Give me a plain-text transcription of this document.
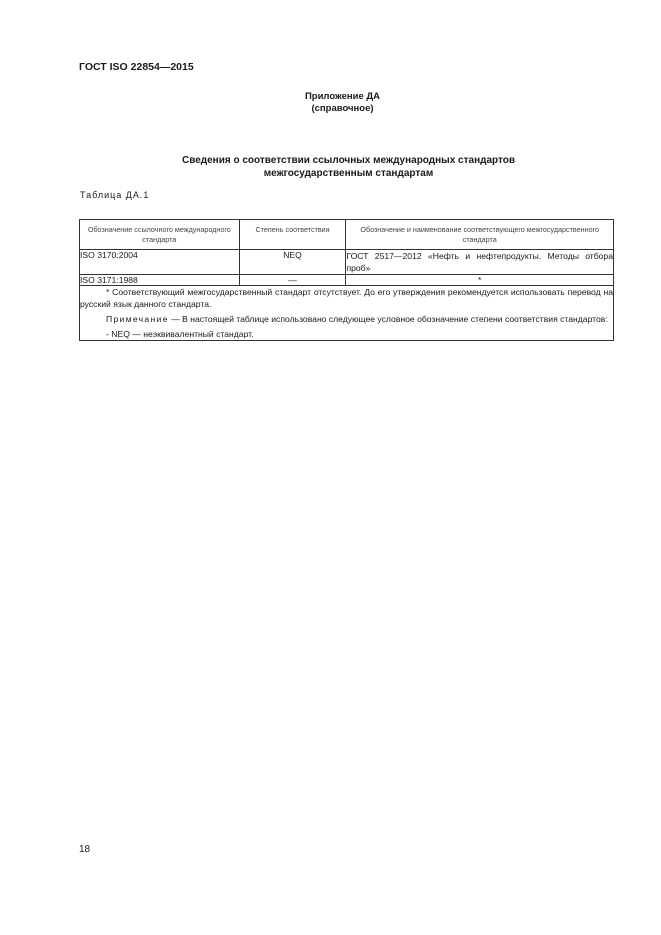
ГОСТ ISO 22854—2015
Приложение ДА
(справочное)
Сведения о соответствии ссылочных международных стандартов
межгосударственным стандартам
Таблица ДА.1
Обозначение ссылочного международного стандарта	Степень соответствия	Обозначение и наименование соответствующего межгосударственного стандарта
ISO 3170:2004	NEQ	ГОСТ 2517—2012 «Нефть и нефтепродукты. Методы отбора проб»
ISO 3171:1988	—	*

* Соответствующий межгосударственный стандарт отсутствует. До его утверждения рекомендуется использовать перевод на русский язык данного стандарта.

Примечание — В настоящей таблице использовано следующее условное обозначение степени соответствия стандартов:

- NEQ — неэквивалентный стандарт.		

18
